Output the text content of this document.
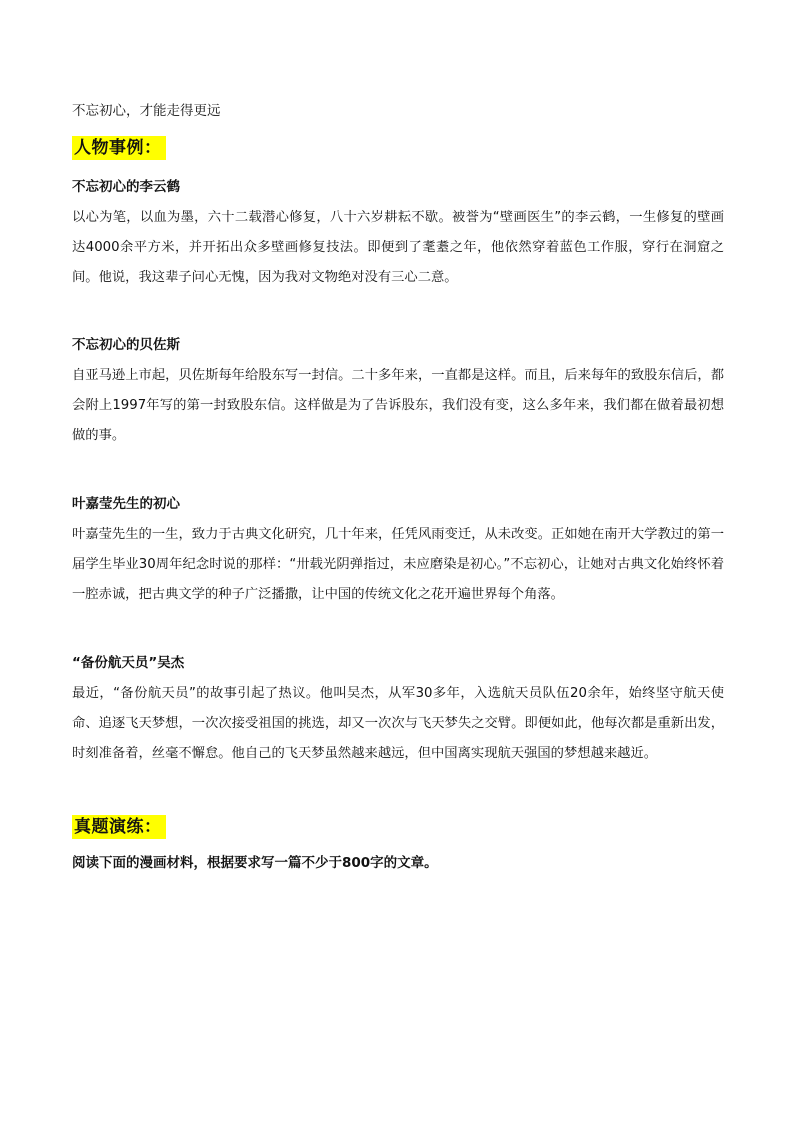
不忘初心，才能走得更远

人物事例：
不忘初心的李云鹤

以心为笔，以血为墨，六十二载潜心修复，八十六岁耕耘不歇。被誉为“壁画医生”的李云鹤，一生修复的壁画达4000余平方米，并开拓出众多壁画修复技法。即便到了耄耋之年，他依然穿着蓝色工作服，穿行在洞窟之间。他说，我这辈子问心无愧，因为我对文物绝对没有三心二意。

不忘初心的贝佐斯

自亚马逊上市起，贝佐斯每年给股东写一封信。二十多年来，一直都是这样。而且，后来每年的致股东信后，都会附上1997年写的第一封致股东信。这样做是为了告诉股东，我们没有变，这么多年来，我们都在做着最初想做的事。

叶嘉莹先生的初心

叶嘉莹先生的一生，致力于古典文化研究，几十年来，任凭风雨变迁，从未改变。正如她在南开大学教过的第一届学生毕业30周年纪念时说的那样：“卅载光阴弹指过，未应磨染是初心。”不忘初心，让她对古典文化始终怀着一腔赤诚，把古典文学的种子广泛播撒，让中国的传统文化之花开遍世界每个角落。

“备份航天员”吴杰

最近，“备份航天员”的故事引起了热议。他叫吴杰，从军30多年，入选航天员队伍20余年，始终坚守航天使命、追逐飞天梦想，一次次接受祖国的挑选，却又一次次与飞天梦失之交臂。即便如此，他每次都是重新出发，时刻准备着，丝毫不懈怠。他自己的飞天梦虽然越来越远，但中国离实现航天强国的梦想越来越近。

真题演练：

阅读下面的漫画材料，根据要求写一篇不少于800字的文章。
